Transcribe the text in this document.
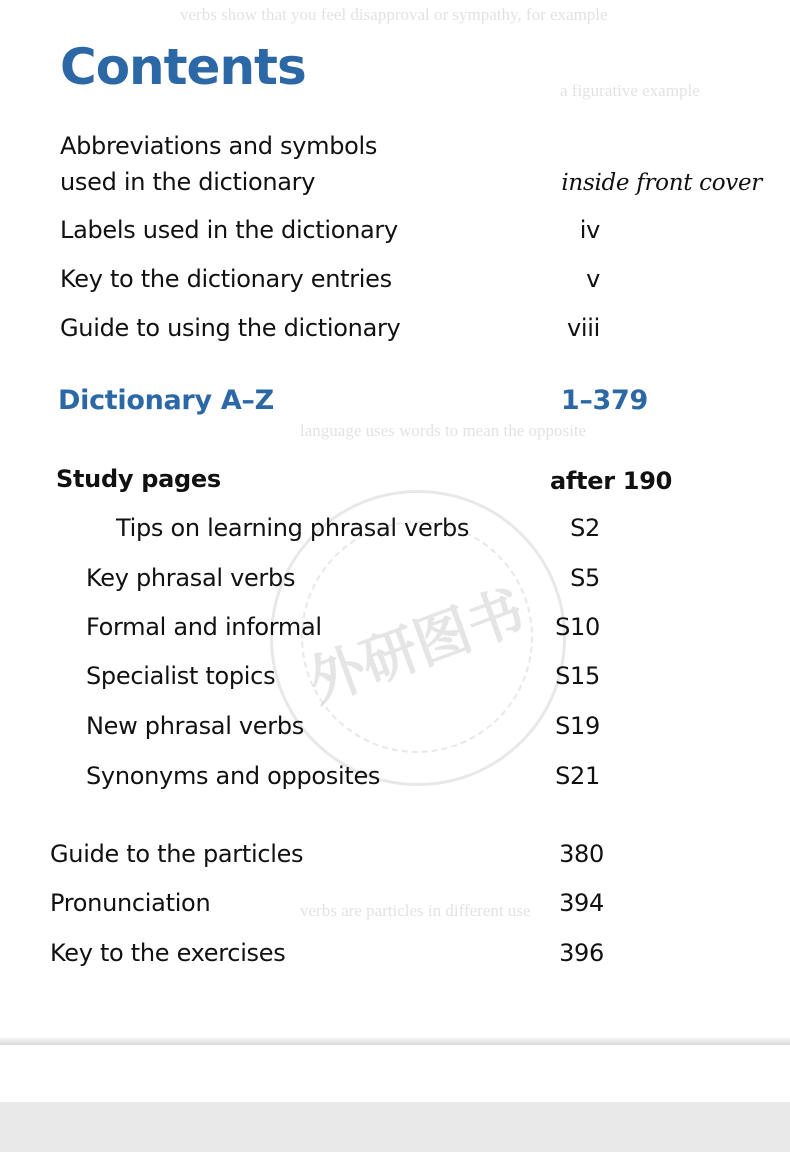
verbs show that you feel disapproval or sympathy, for example
a figurative example
language uses words to mean the opposite
verbs are particles in different use
外研图书
Contents
Abbreviations and symbols
used in the dictionary	inside front cover
Labels used in the dictionary	iv
Key to the dictionary entries	v
Guide to using the dictionary	viii
Dictionary A–Z	1–379
Study pages	after 190
Tips on learning phrasal verbs	S2
Key phrasal verbs	S5
Formal and informal	S10
Specialist topics	S15
New phrasal verbs	S19
Synonyms and opposites	S21
Guide to the particles	380
Pronunciation	394
Key to the exercises	396
